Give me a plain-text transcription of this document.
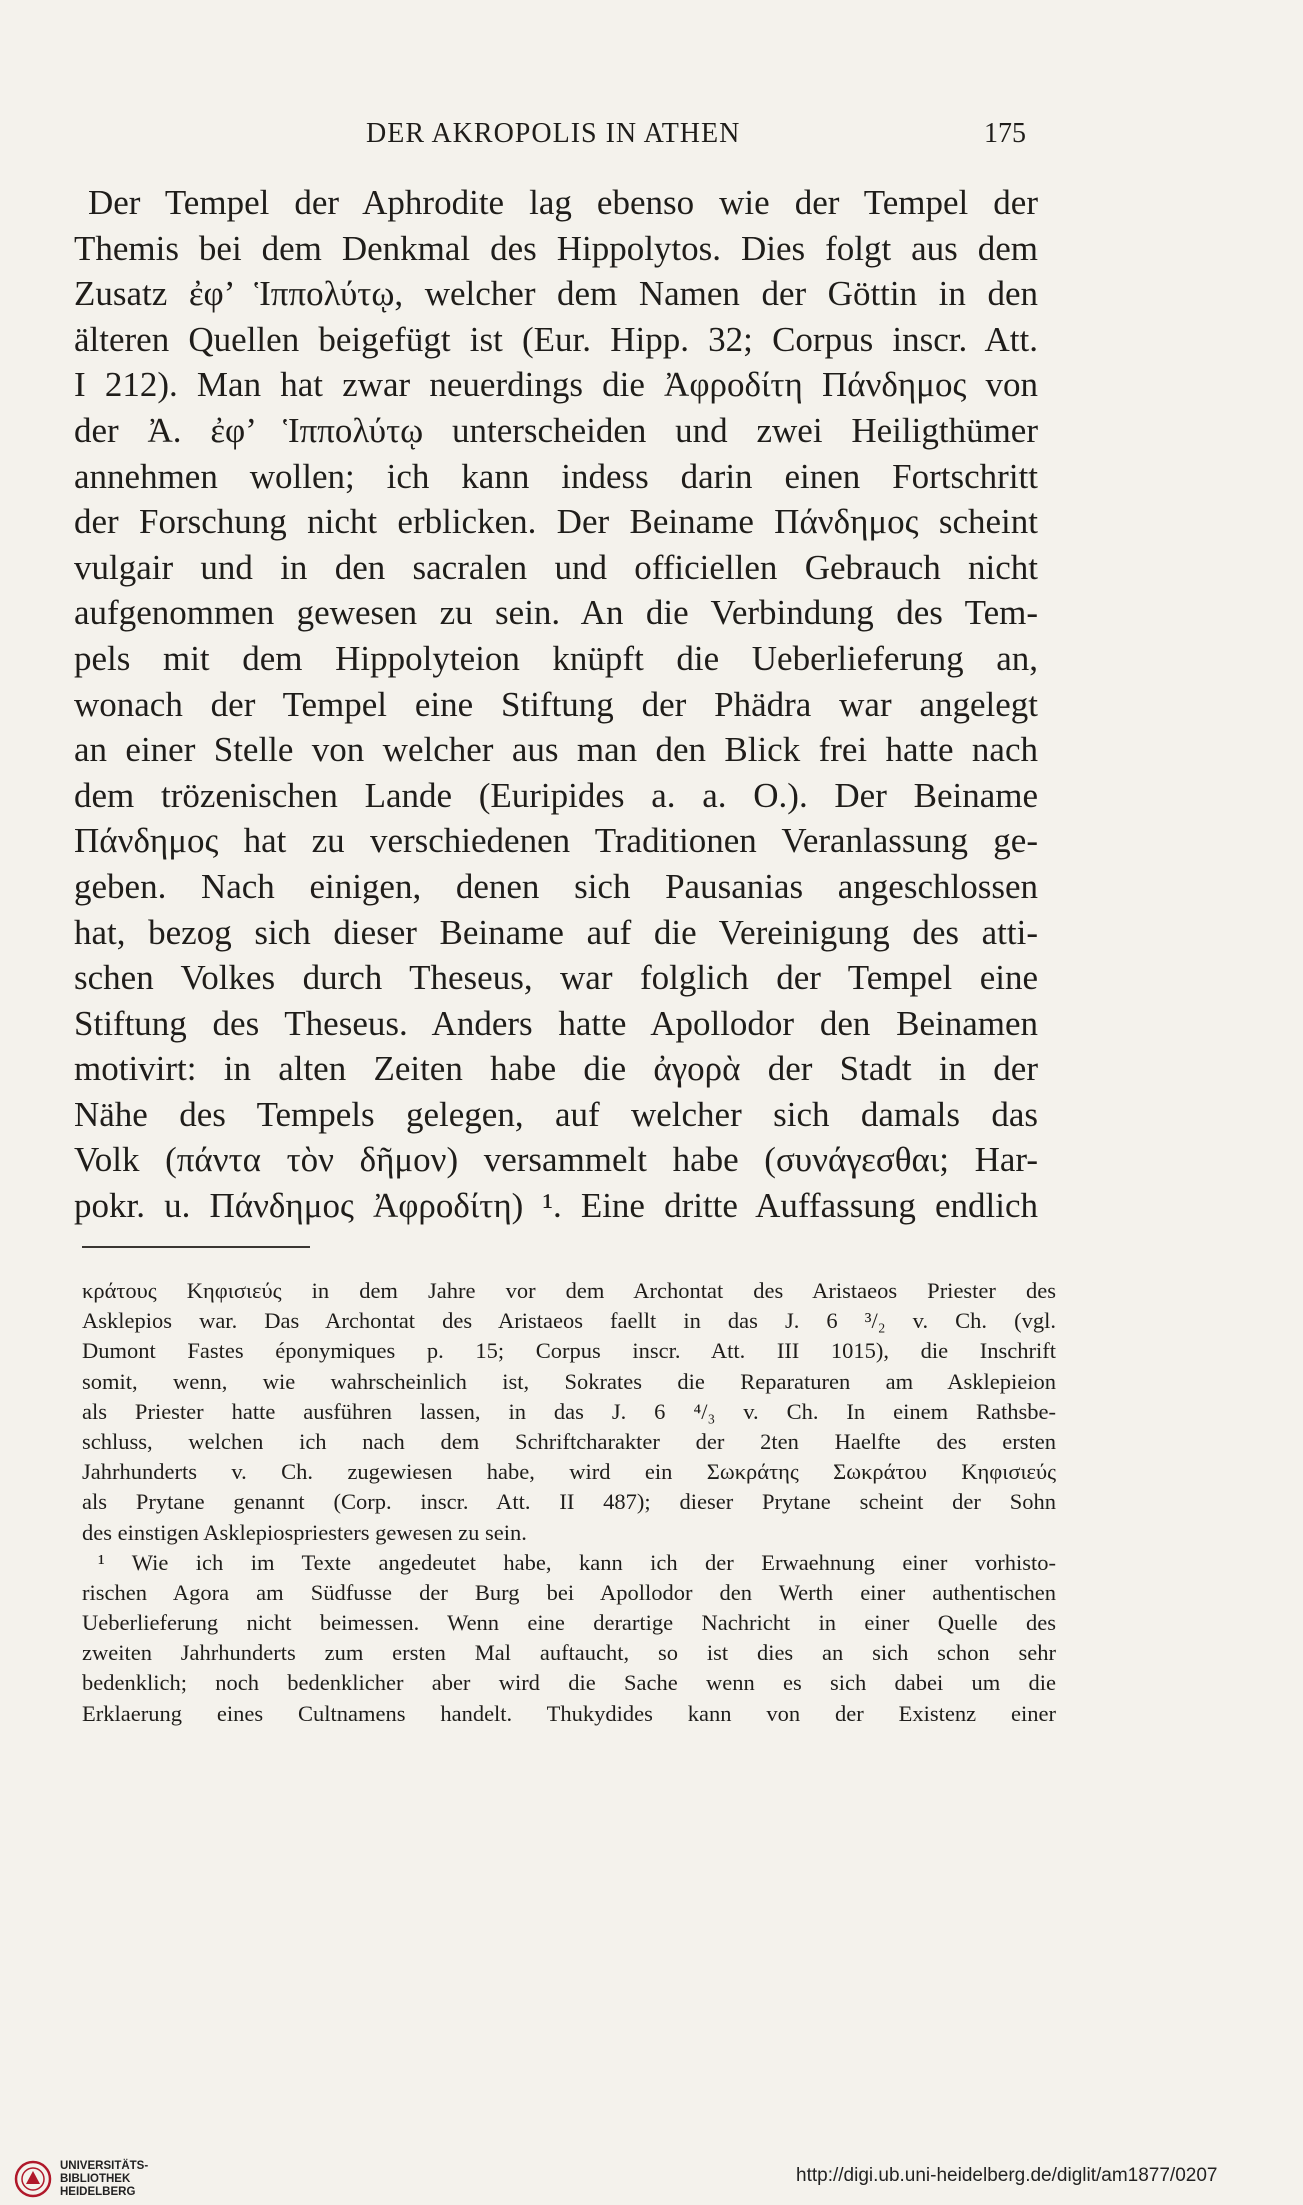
DER AKROPOLIS IN ATHEN	175
Der Tempel der Aphrodite lag ebenso wie der Tempel der
Themis bei dem Denkmal des Hippolytos. Dies folgt aus dem
Zusatz ἐφ’ Ἱππολύτῳ, welcher dem Namen der Göttin in den
älteren Quellen beigefügt ist (Eur. Hipp. 32; Corpus inscr. Att.
I 212). Man hat zwar neuerdings die Ἀφροδίτη Πάνδημος von
der Ἀ. ἐφ’ Ἱππολύτῳ unterscheiden und zwei Heiligthümer
annehmen wollen; ich kann indess darin einen Fortschritt
der Forschung nicht erblicken. Der Beiname Πάνδημος scheint
vulgair und in den sacralen und officiellen Gebrauch nicht
aufgenommen gewesen zu sein. An die Verbindung des Tem-
pels mit dem Hippolyteion knüpft die Ueberlieferung an,
wonach der Tempel eine Stiftung der Phädra war angelegt
an einer Stelle von welcher aus man den Blick frei hatte nach
dem trözenischen Lande (Euripides a. a. O.). Der Beiname
Πάνδημος hat zu verschiedenen Traditionen Veranlassung ge-
geben. Nach einigen, denen sich Pausanias angeschlossen
hat, bezog sich dieser Beiname auf die Vereinigung des atti-
schen Volkes durch Theseus, war folglich der Tempel eine
Stiftung des Theseus. Anders hatte Apollodor den Beinamen
motivirt: in alten Zeiten habe die ἀγορὰ der Stadt in der
Nähe des Tempels gelegen, auf welcher sich damals das
Volk (πάντα τὸν δῆμον) versammelt habe (συνάγεσθαι; Har-
pokr. u. Πάνδημος Ἀφροδίτη) ¹. Eine dritte Auffassung endlich
κράτους Κηφισιεύς in dem Jahre vor dem Archontat des Aristaeos Priester des
Asklepios war. Das Archontat des Aristaeos faellt in das J. 6 ³/₂ v. Ch. (vgl.
Dumont Fastes éponymiques p. 15; Corpus inscr. Att. III 1015), die Inschrift
somit, wenn, wie wahrscheinlich ist, Sokrates die Reparaturen am Asklepieion
als Priester hatte ausführen lassen, in das J. 6 ⁴/₃ v. Ch. In einem Rathsbe-
schluss, welchen ich nach dem Schriftcharakter der 2ten Haelfte des ersten
Jahrhunderts v. Ch. zugewiesen habe, wird ein Σωκράτης Σωκράτου Κηφισιεύς
als Prytane genannt (Corp. inscr. Att. II 487); dieser Prytane scheint der Sohn
des einstigen Asklepiospriesters gewesen zu sein.
¹ Wie ich im Texte angedeutet habe, kann ich der Erwaehnung einer vorhisto-
rischen Agora am Südfusse der Burg bei Apollodor den Werth einer authentischen
Ueberlieferung nicht beimessen. Wenn eine derartige Nachricht in einer Quelle des
zweiten Jahrhunderts zum ersten Mal auftaucht, so ist dies an sich schon sehr
bedenklich; noch bedenklicher aber wird die Sache wenn es sich dabei um die
Erklaerung eines Cultnamens handelt. Thukydides kann von der Existenz einer
UNIVERSITÄTS-
BIBLIOTHEK
HEIDELBERG
http://digi.ub.uni-heidelberg.de/diglit/am1877/0207
